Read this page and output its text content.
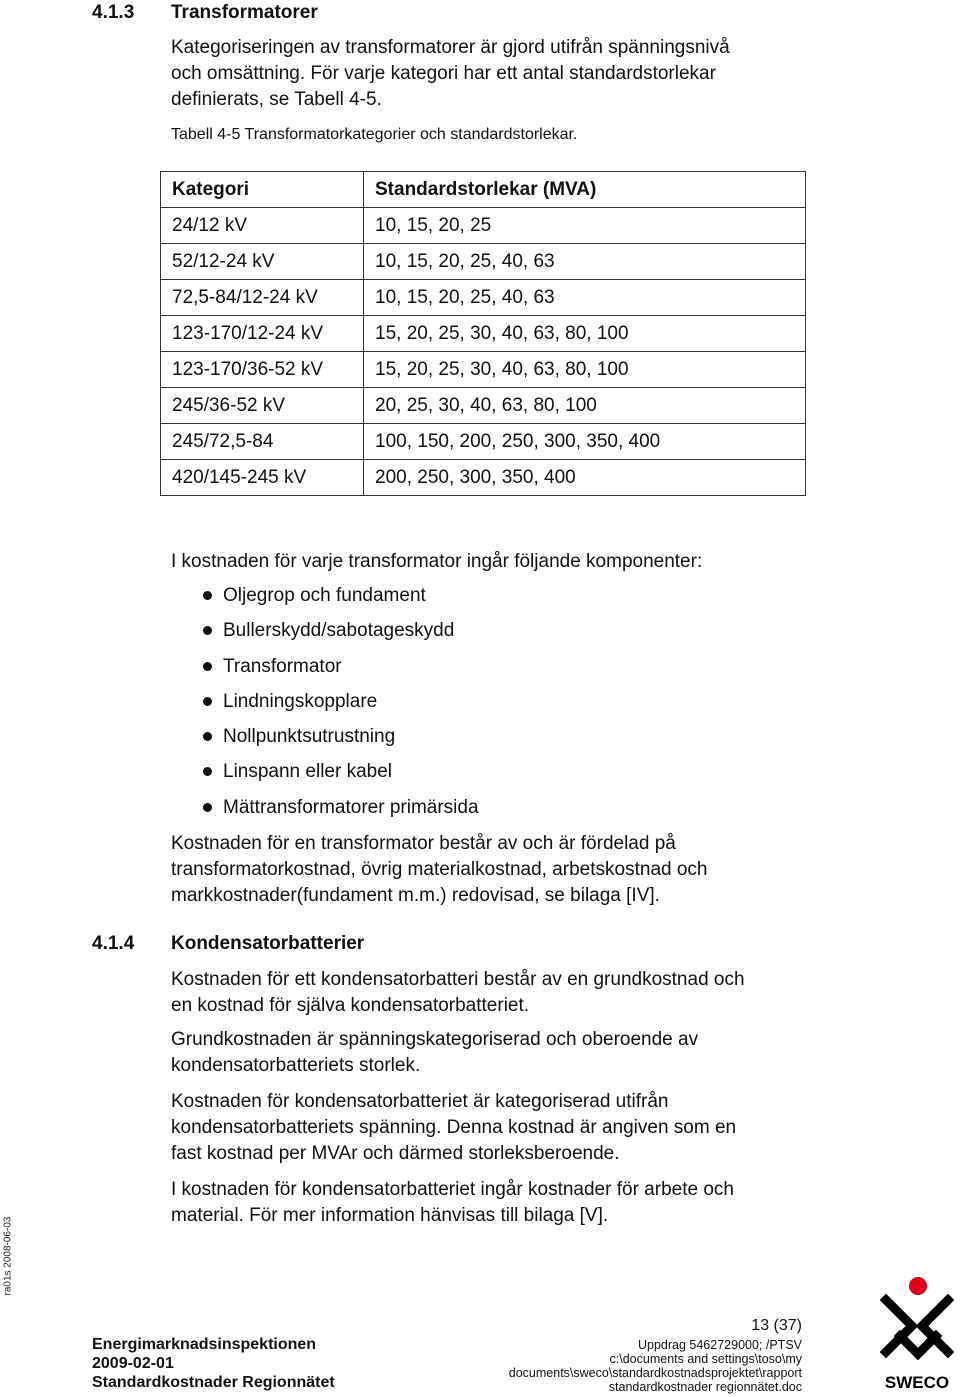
4.1.3 Transformatorer

Kategoriseringen av transformatorer är gjord utifrån spänningsnivå

och omsättning. För varje kategori har ett antal standardstorlekar

definierats, se Tabell 4-5.

Tabell 4-5 Transformatorkategorier och standardstorlekar.
Kategori	Standardstorlekar (MVA)
24/12 kV	10, 15, 20, 25
52/12-24 kV	10, 15, 20, 25, 40, 63
72,5-84/12-24 kV	10, 15, 20, 25, 40, 63
123-170/12-24 kV	15, 20, 25, 30, 40, 63, 80, 100
123-170/36-52 kV	15, 20, 25, 30, 40, 63, 80, 100
245/36-52 kV	20, 25, 30, 40, 63, 80, 100
245/72,5-84	100, 150, 200, 250, 300, 350, 400
420/145-245 kV	200, 250, 300, 350, 400
I kostnaden för varje transformator ingår följande komponenter:
Oljegrop och fundament
Bullerskydd/sabotageskydd
Transformator
Lindningskopplare
Nollpunktsutrustning
Linspann eller kabel
Mättransformatorer primärsida

Kostnaden för en transformator består av och är fördelad på

transformatorkostnad, övrig materialkostnad, arbetskostnad och

markkostnader(fundament m.m.) redovisad, se bilaga [IV].

4.1.4 Kondensatorbatterier

Kostnaden för ett kondensatorbatteri består av en grundkostnad och

en kostnad för själva kondensatorbatteriet.

Grundkostnaden är spänningskategoriserad och oberoende av

kondensatorbatteriets storlek.

Kostnaden för kondensatorbatteriet är kategoriserad utifrån

kondensatorbatteriets spänning. Denna kostnad är angiven som en

fast kostnad per MVAr och därmed storleksberoende.

I kostnaden för kondensatorbatteriet ingår kostnader för arbete och

material. För mer information hänvisas till bilaga [V].

ra01s 2008-06-03
Energimarknadsinspektionen
2009-02-01
Standardkostnader Regionnätet
13 (37)
Uppdrag 5462729000; /PTSV
c:\documents and settings\toso\my
documents\sweco\standardkostnadsprojektet\rapport
standardkostnader regionnätet.doc	SWECO
